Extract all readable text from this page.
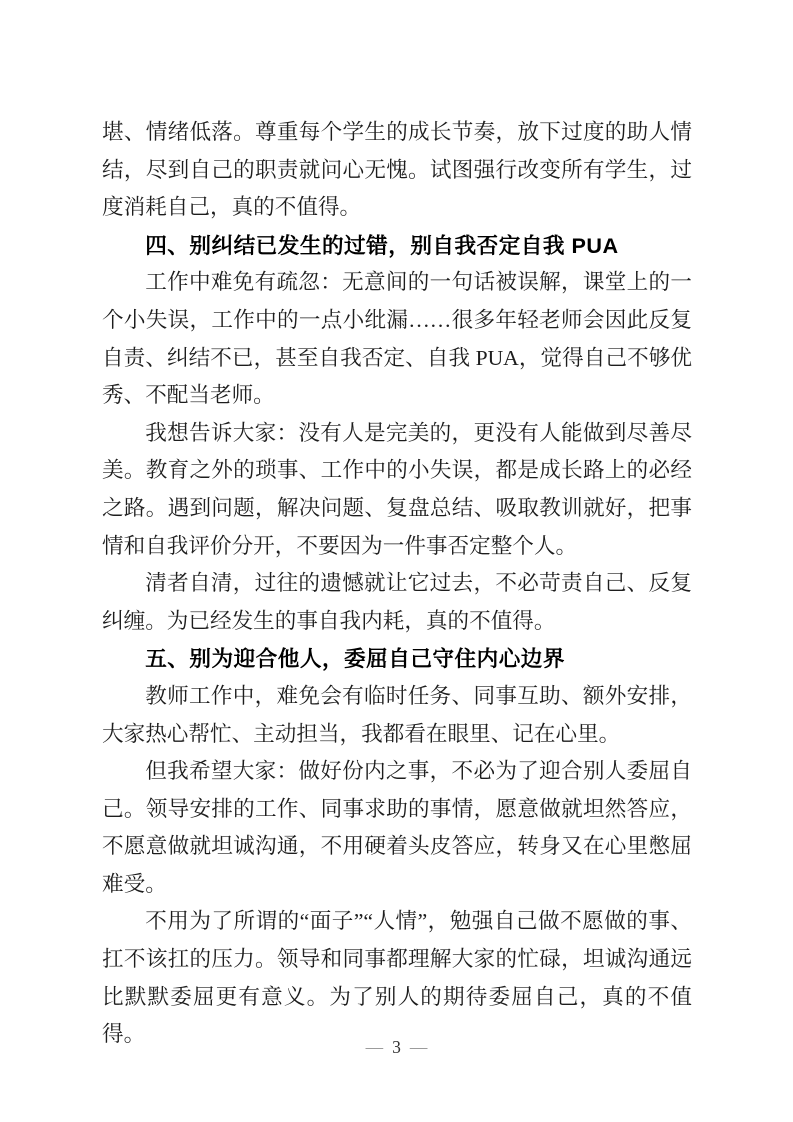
堪、情绪低落。尊重每个学生的成长节奏，放下过度的助人情结，尽到自己的职责就问心无愧。试图强行改变所有学生，过度消耗自己，真的不值得。

四、别纠结已发生的过错，别自我否定自我 PUA

工作中难免有疏忽：无意间的一句话被误解，课堂上的一个小失误，工作中的一点小纰漏……很多年轻老师会因此反复自责、纠结不已，甚至自我否定、自我 PUA，觉得自己不够优秀、不配当老师。

我想告诉大家：没有人是完美的，更没有人能做到尽善尽美。教育之外的琐事、工作中的小失误，都是成长路上的必经之路。遇到问题，解决问题、复盘总结、吸取教训就好，把事情和自我评价分开，不要因为一件事否定整个人。

清者自清，过往的遗憾就让它过去，不必苛责自己、反复纠缠。为已经发生的事自我内耗，真的不值得。

五、别为迎合他人，委屈自己守住内心边界

教师工作中，难免会有临时任务、同事互助、额外安排，大家热心帮忙、主动担当，我都看在眼里、记在心里。

但我希望大家：做好份内之事，不必为了迎合别人委屈自己。领导安排的工作、同事求助的事情，愿意做就坦然答应，不愿意做就坦诚沟通，不用硬着头皮答应，转身又在心里憋屈难受。

不用为了所谓的“面子”“人情”，勉强自己做不愿做的事、扛不该扛的压力。领导和同事都理解大家的忙碌，坦诚沟通远比默默委屈更有意义。为了别人的期待委屈自己，真的不值得。

— 3 —
